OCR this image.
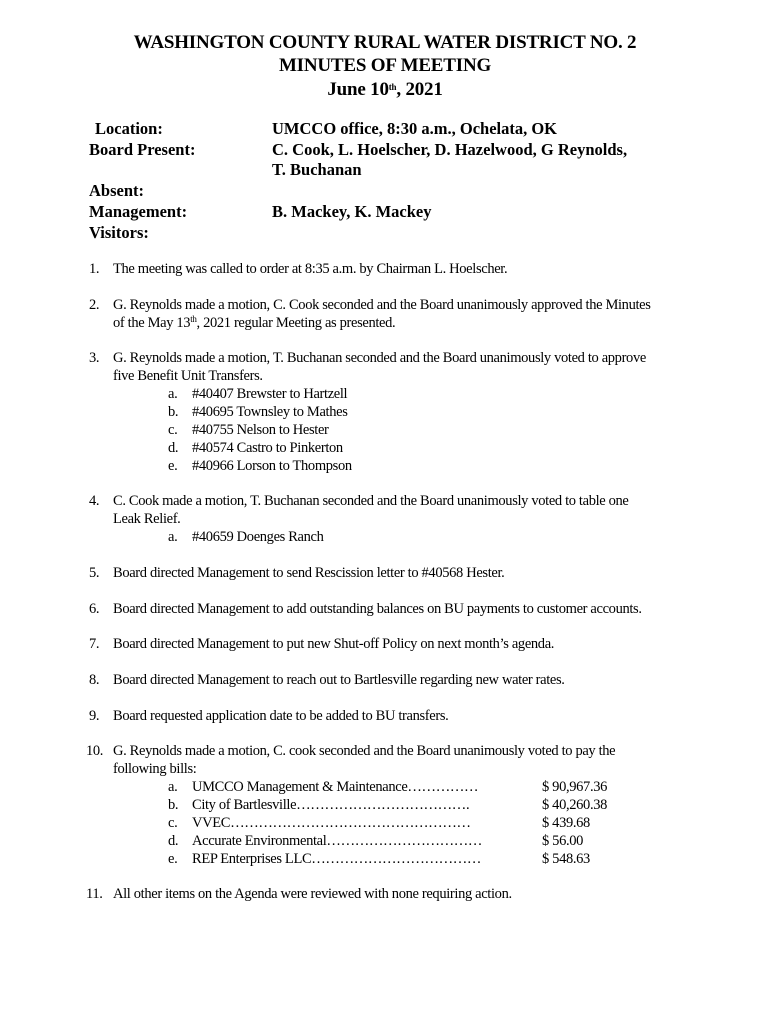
WASHINGTON COUNTY RURAL WATER DISTRICT NO. 2
MINUTES OF MEETING
June 10th, 2021
Location:	UMCCO office, 8:30 a.m., Ochelata, OK
Board Present:	C. Cook, L. Hoelscher, D. Hazelwood, G Reynolds,
T. Buchanan
Absent:
Management:	B. Mackey, K. Mackey
Visitors:
1. The meeting was called to order at 8:35 a.m. by Chairman L. Hoelscher.
2. G. Reynolds made a motion, C. Cook seconded and the Board unanimously approved the Minutes
of the May 13th, 2021 regular Meeting as presented.
3. G. Reynolds made a motion, T. Buchanan seconded and the Board unanimously voted to approve
five Benefit Unit Transfers.
a. #40407 Brewster to Hartzell
b. #40695 Townsley to Mathes
c. #40755 Nelson to Hester
d. #40574 Castro to Pinkerton
e. #40966 Lorson to Thompson
4. C. Cook made a motion, T. Buchanan seconded and the Board unanimously voted to table one
Leak Relief.
a. #40659 Doenges Ranch
5. Board directed Management to send Rescission letter to #40568 Hester.
6. Board directed Management to add outstanding balances on BU payments to customer accounts.
7. Board directed Management to put new Shut-off Policy on next month’s agenda.
8. Board directed Management to reach out to Bartlesville regarding new water rates.
9. Board requested application date to be added to BU transfers.
10. G. Reynolds made a motion, C. cook seconded and the Board unanimously voted to pay the
following bills:
a. UMCCO Management & Maintenance……………	$ 90,967.36
b. City of Bartlesville……………………………….	$ 40,260.38
c. VVEC……………………………………………	$ 439.68
d. Accurate Environmental……………………………	$ 56.00
e. REP Enterprises LLC………………………………	$ 548.63
11. All other items on the Agenda were reviewed with none requiring action.
